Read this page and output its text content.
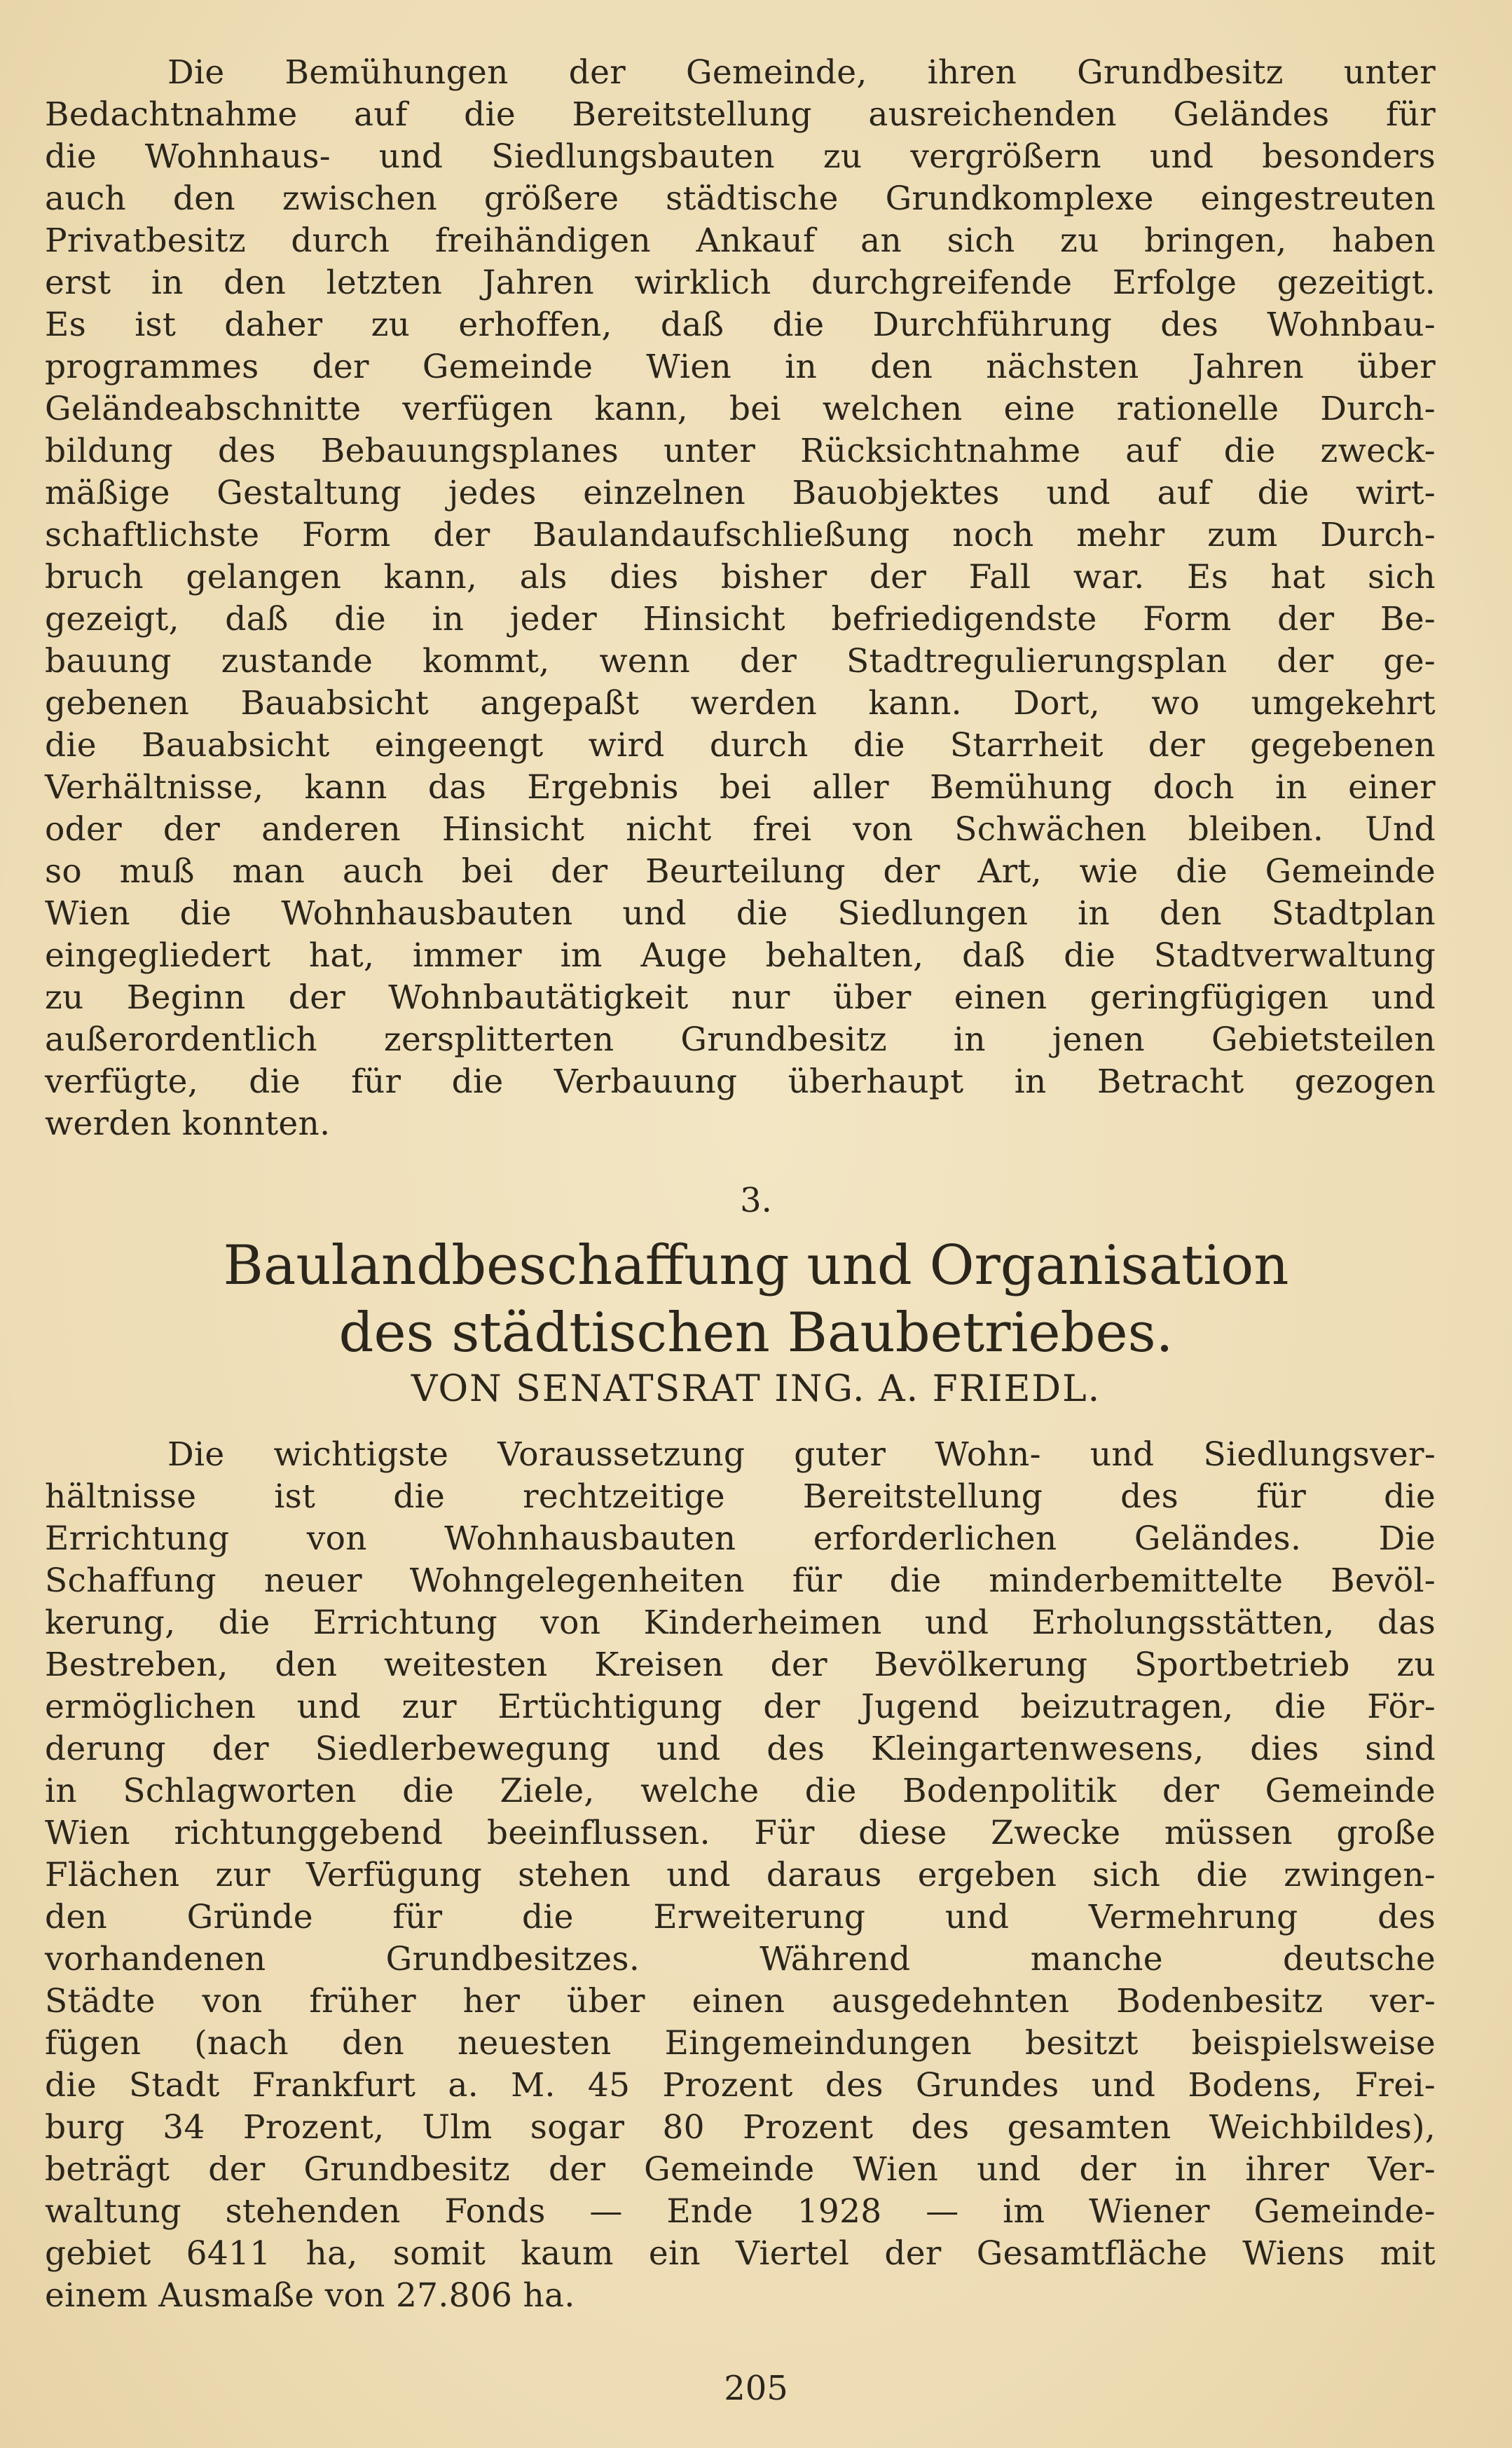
Die Bemühungen der Gemeinde, ihren Grundbesitz unter

Bedachtnahme auf die Bereitstellung ausreichenden Geländes für

die Wohnhaus- und Siedlungsbauten zu vergrößern und besonders

auch den zwischen größere städtische Grundkomplexe eingestreuten

Privatbesitz durch freihändigen Ankauf an sich zu bringen, haben

erst in den letzten Jahren wirklich durchgreifende Erfolge gezeitigt.

Es ist daher zu erhoffen, daß die Durchführung des Wohnbau-

programmes der Gemeinde Wien in den nächsten Jahren über

Geländeabschnitte verfügen kann, bei welchen eine rationelle Durch-

bildung des Bebauungsplanes unter Rücksichtnahme auf die zweck-

mäßige Gestaltung jedes einzelnen Bauobjektes und auf die wirt-

schaftlichste Form der Baulandaufschließung noch mehr zum Durch-

bruch gelangen kann, als dies bisher der Fall war. Es hat sich

gezeigt, daß die in jeder Hinsicht befriedigendste Form der Be-

bauung zustande kommt, wenn der Stadtregulierungsplan der ge-

gebenen Bauabsicht angepaßt werden kann. Dort, wo umgekehrt

die Bauabsicht eingeengt wird durch die Starrheit der gegebenen

Verhältnisse, kann das Ergebnis bei aller Bemühung doch in einer

oder der anderen Hinsicht nicht frei von Schwächen bleiben. Und

so muß man auch bei der Beurteilung der Art, wie die Gemeinde

Wien die Wohnhausbauten und die Siedlungen in den Stadtplan

eingegliedert hat, immer im Auge behalten, daß die Stadtverwaltung

zu Beginn der Wohnbautätigkeit nur über einen geringfügigen und

außerordentlich zersplitterten Grundbesitz in jenen Gebietsteilen

verfügte, die für die Verbauung überhaupt in Betracht gezogen

werden konnten.

3.

Baulandbeschaffung und Organisation

des städtischen Baubetriebes.

VON SENATSRAT ING. A. FRIEDL.

Die wichtigste Voraussetzung guter Wohn- und Siedlungsver-

hältnisse ist die rechtzeitige Bereitstellung des für die

Errichtung von Wohnhausbauten erforderlichen Geländes. Die

Schaffung neuer Wohngelegenheiten für die minderbemittelte Bevöl-

kerung, die Errichtung von Kinderheimen und Erholungsstätten, das

Bestreben, den weitesten Kreisen der Bevölkerung Sportbetrieb zu

ermöglichen und zur Ertüchtigung der Jugend beizutragen, die För-

derung der Siedlerbewegung und des Kleingartenwesens, dies sind

in Schlagworten die Ziele, welche die Bodenpolitik der Gemeinde

Wien richtunggebend beeinflussen. Für diese Zwecke müssen große

Flächen zur Verfügung stehen und daraus ergeben sich die zwingen-

den Gründe für die Erweiterung und Vermehrung des

vorhandenen Grundbesitzes. Während manche deutsche

Städte von früher her über einen ausgedehnten Bodenbesitz ver-

fügen (nach den neuesten Eingemeindungen besitzt beispielsweise

die Stadt Frankfurt a. M. 45 Prozent des Grundes und Bodens, Frei-

burg 34 Prozent, Ulm sogar 80 Prozent des gesamten Weichbildes),

beträgt der Grundbesitz der Gemeinde Wien und der in ihrer Ver-

waltung stehenden Fonds — Ende 1928 — im Wiener Gemeinde-

gebiet 6411 ha, somit kaum ein Viertel der Gesamtfläche Wiens mit

einem Ausmaße von 27.806 ha.

205
